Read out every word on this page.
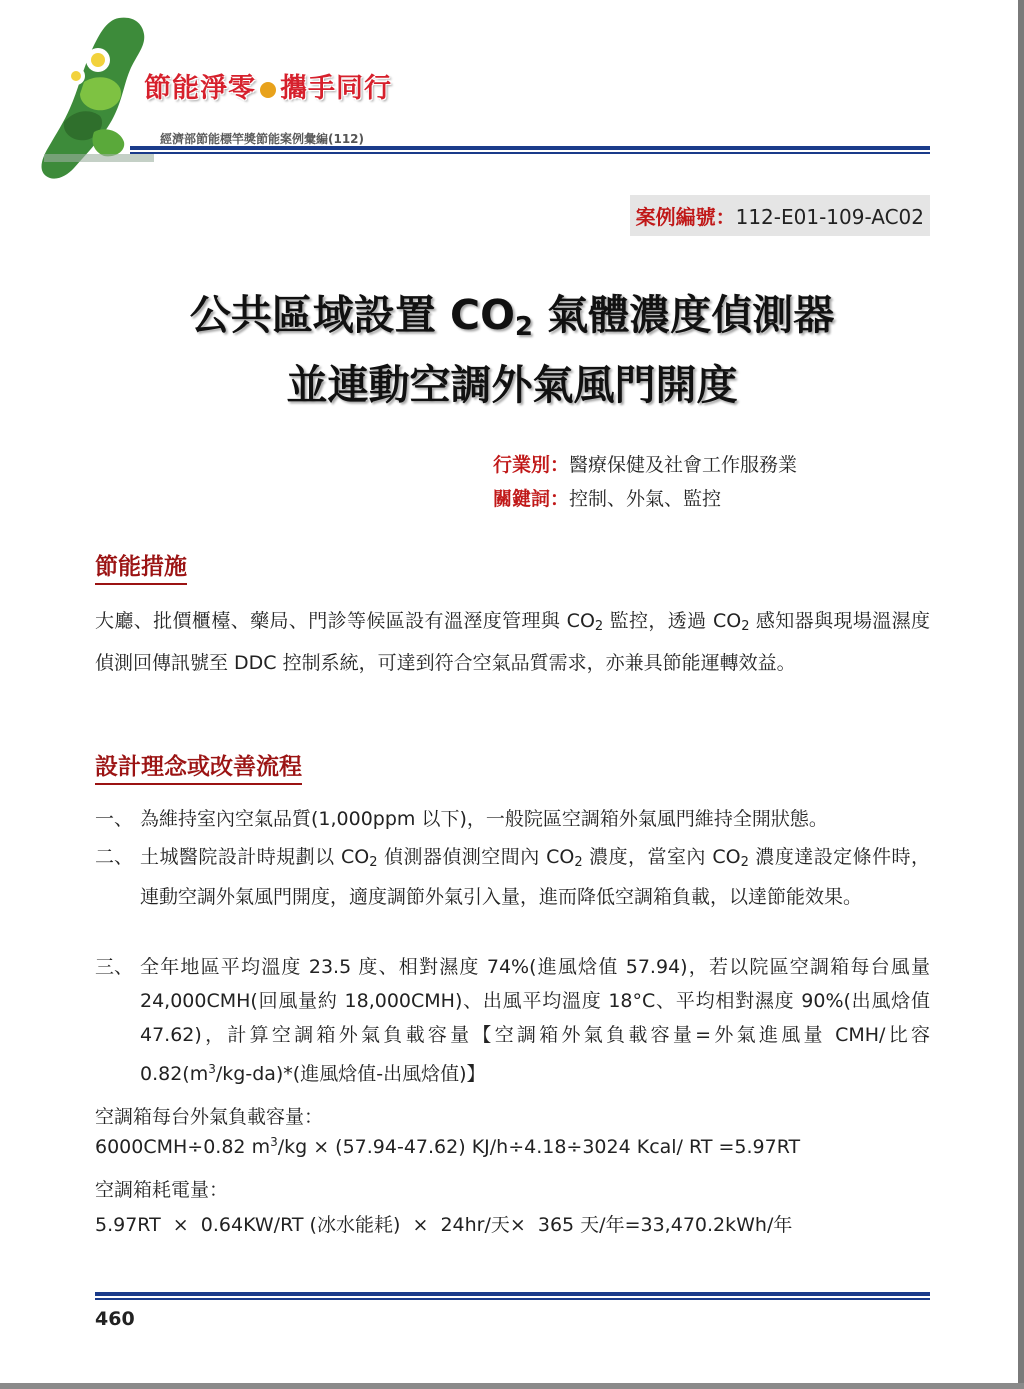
節能淨零 攜手同行
經濟部節能標竿獎節能案例彙編(112)
案例編號：112-E01-109-AC02
公共區域設置 $CO_2$ 氣體濃度偵測器
並連動空調外氣風門開度
行業別：醫療保健及社會工作服務業
關鍵詞：控制、外氣、監控
節能措施
大廳、批價櫃檯、藥局、門診等候區設有溫溼度管理與 $CO_2$ 監控，透過 $CO_2$ 感知器與現場溫濕度偵測回傳訊號至 DDC 控制系統，可達到符合空氣品質需求，亦兼具節能運轉效益。
設計理念或改善流程
一、 為維持室內空氣品質(1,000ppm 以下)，一般院區空調箱外氣風門維持全開狀態。
二、 土城醫院設計時規劃以 $CO_2$ 偵測器偵測空間內 $CO_2$ 濃度，當室內 $CO_2$ 濃度達設定條件時，連動空調外氣風門開度，適度調節外氣引入量，進而降低空調箱負載，以達節能效果。
三、 全年地區平均溫度 23.5 度、相對濕度 74%(進風焓值 57.94)，若以院區空調箱每台風量 24,000CMH(回風量約 18,000CMH)、出風平均溫度 18°C、平均相對濕度 90%(出風焓值 47.62)，計算空調箱外氣負載容量【空調箱外氣負載容量=外氣進風量 CMH/比容 $0.82(m^3/kg-da)*$(進風焓值-出風焓值)】
空調箱每台外氣負載容量：
6000CMH÷0.82 $m^3/kg \times (57.94-47.62)$ KJ/h÷4.18÷3024 Kcal/ RT =5.97RT
空調箱耗電量：
5.97RT  ×  0.64KW/RT (冰水能耗)  ×  24hr/天×  365 天/年=33,470.2kWh/年
460
